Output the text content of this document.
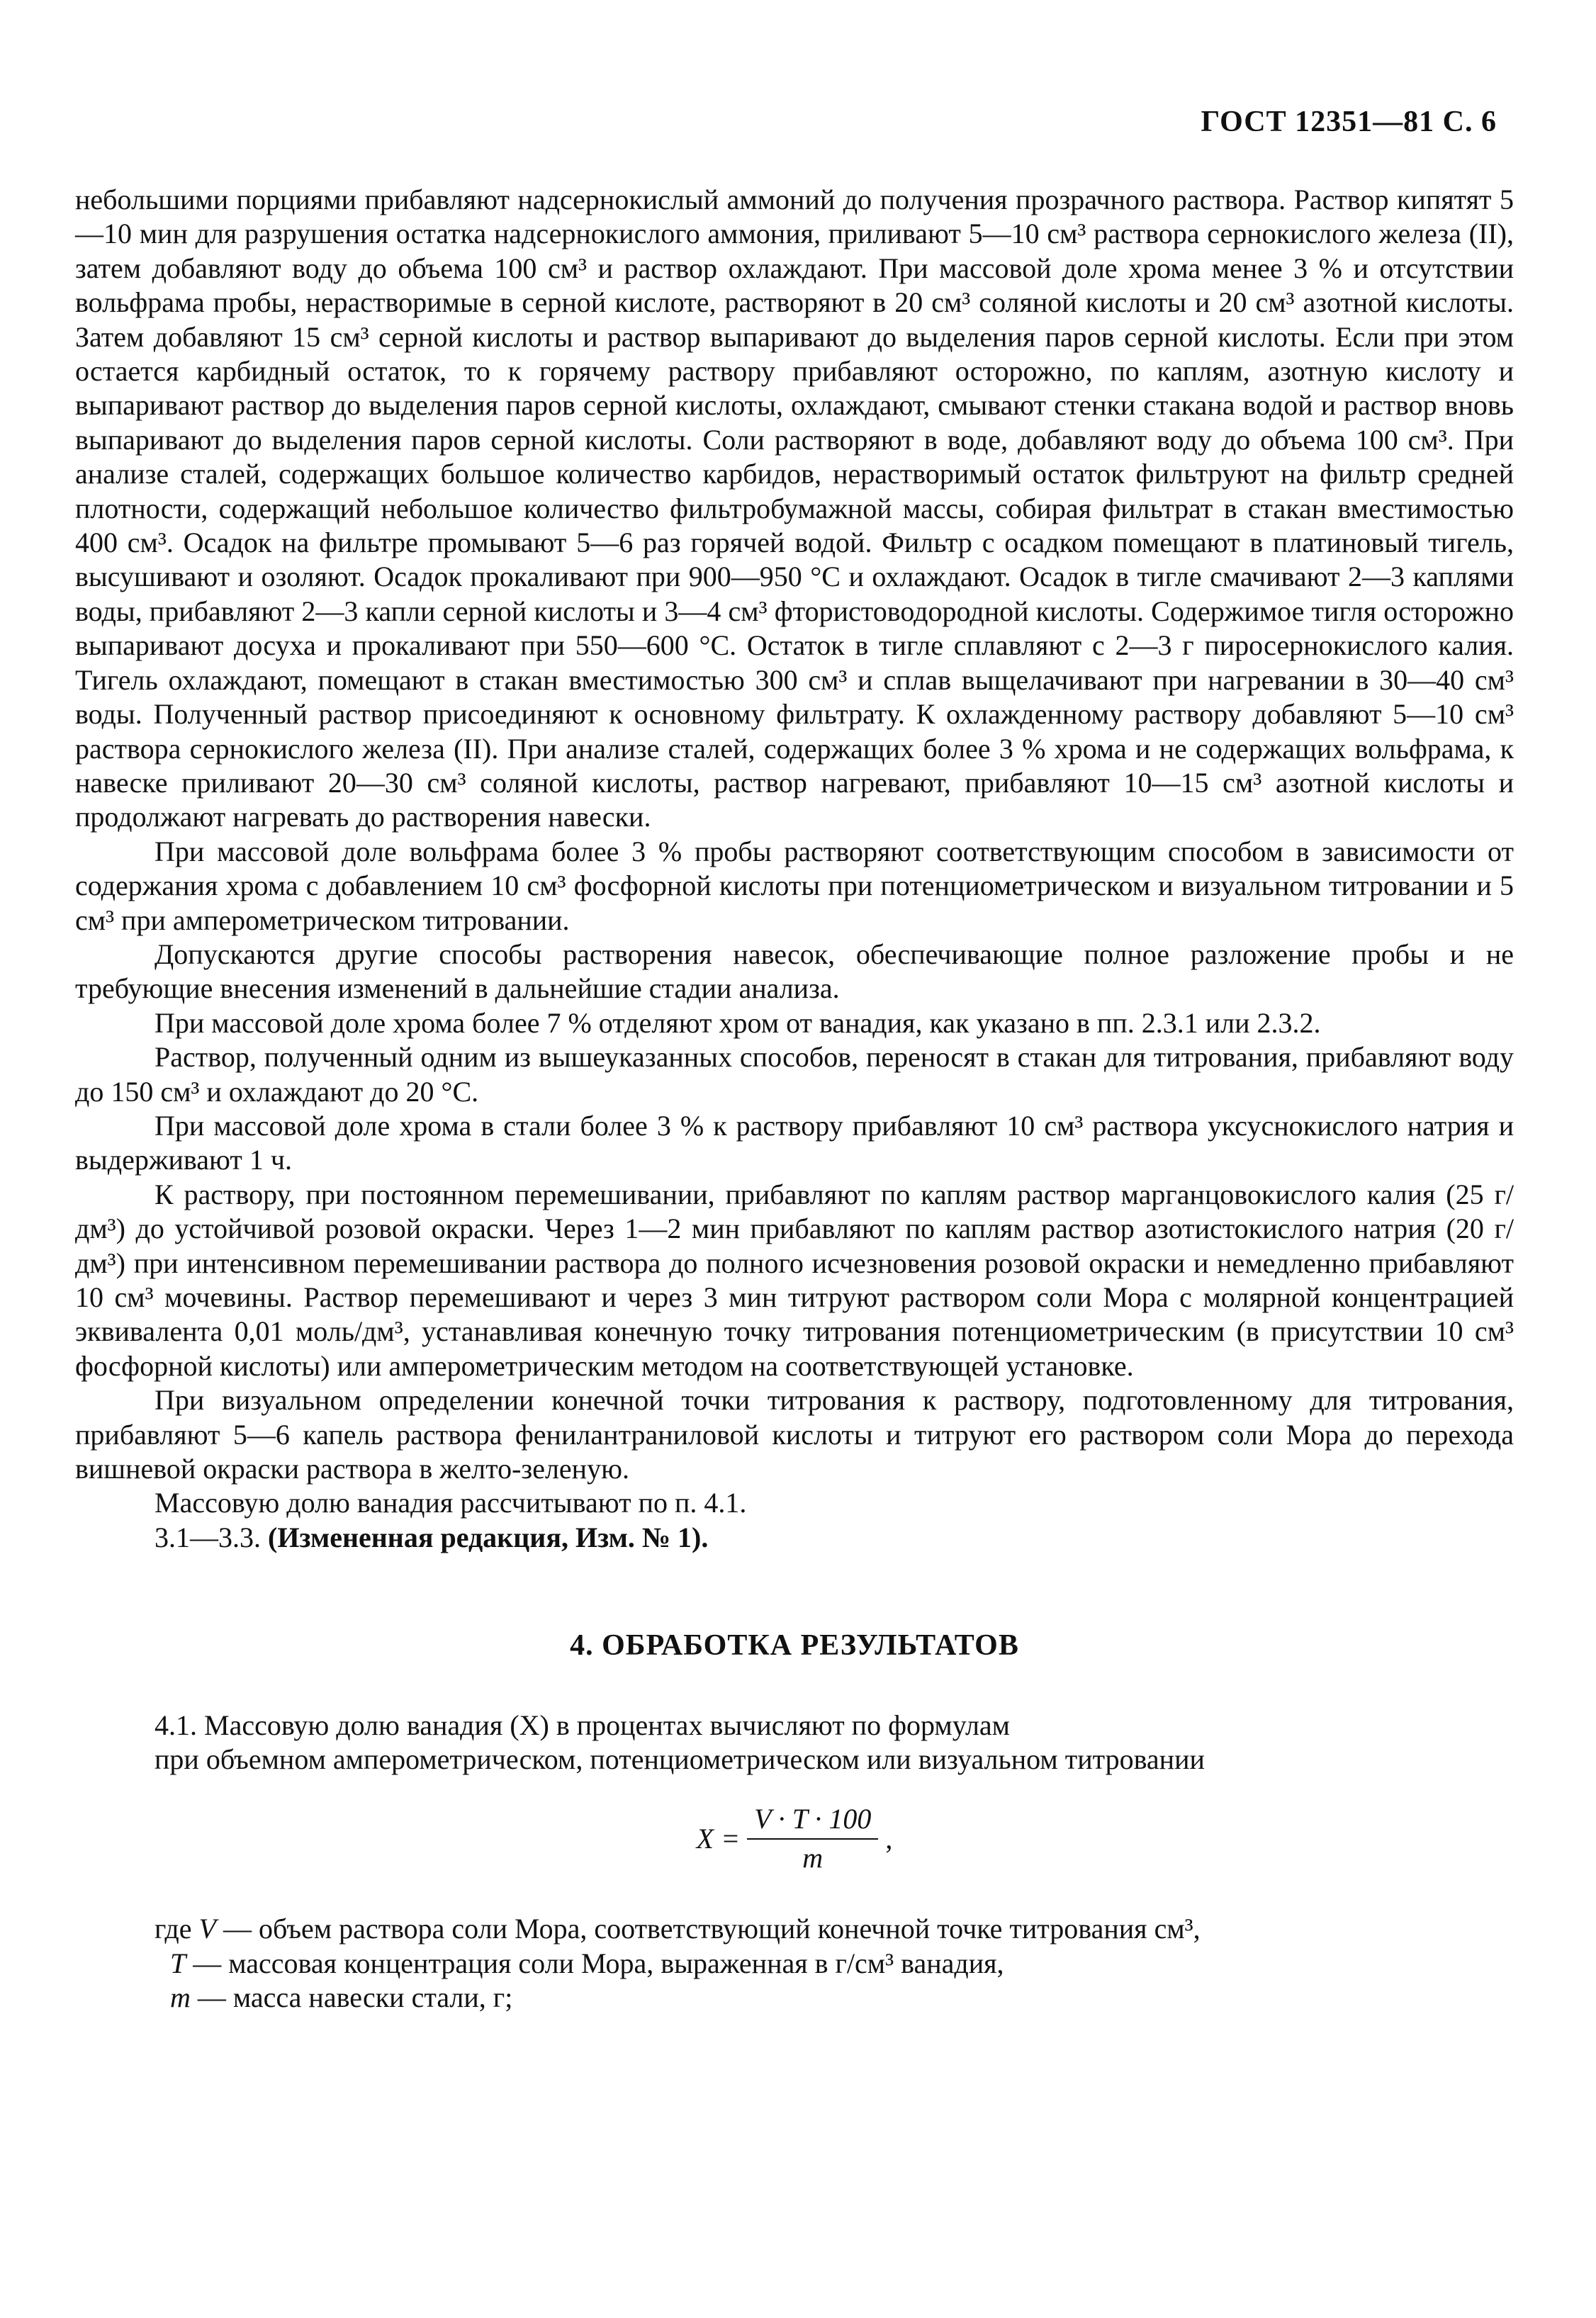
ГОСТ 12351—81 С. 6

небольшими порциями прибавляют надсернокислый аммоний до получения прозрачного раствора. Раствор кипятят 5—10 мин для разрушения остатка надсернокислого аммония, приливают 5—10 см³ раствора сернокислого железа (II), затем добавляют воду до объема 100 см³ и раствор охлаждают. При массовой доле хрома менее 3 % и отсутствии вольфрама пробы, нерастворимые в серной кислоте, растворяют в 20 см³ соляной кислоты и 20 см³ азотной кислоты. Затем добавляют 15 см³ серной кислоты и раствор выпаривают до выделения паров серной кислоты. Если при этом остается карбидный остаток, то к горячему раствору прибавляют осторожно, по каплям, азотную кислоту и выпаривают раствор до выделения паров серной кислоты, охлаждают, смывают стенки стакана водой и раствор вновь выпаривают до выделения паров серной кислоты. Соли растворяют в воде, добавляют воду до объема 100 см³. При анализе сталей, содержащих большое количество карбидов, нерастворимый остаток фильтруют на фильтр средней плотности, содержащий небольшое количество фильтробумажной массы, собирая фильтрат в стакан вместимостью 400 см³. Осадок на фильтре промывают 5—6 раз горячей водой. Фильтр с осадком помещают в платиновый тигель, высушивают и озоляют. Осадок прокаливают при 900—950 °С и охлаждают. Осадок в тигле смачивают 2—3 каплями воды, прибавляют 2—3 капли серной кислоты и 3—4 см³ фтористоводородной кислоты. Содержимое тигля осторожно выпаривают досуха и прокаливают при 550—600 °С. Остаток в тигле сплавляют с 2—3 г пиросернокислого калия. Тигель охлаждают, помещают в стакан вместимостью 300 см³ и сплав выщелачивают при нагревании в 30—40 см³ воды. Полученный раствор присоединяют к основному фильтрату. К охлажденному раствору добавляют 5—10 см³ раствора сернокислого железа (II). При анализе сталей, содержащих более 3 % хрома и не содержащих вольфрама, к навеске приливают 20—30 см³ соляной кислоты, раствор нагревают, прибавляют 10—15 см³ азотной кислоты и продолжают нагревать до растворения навески.

При массовой доле вольфрама более 3 % пробы растворяют соответствующим способом в зависимости от содержания хрома с добавлением 10 см³ фосфорной кислоты при потенциометрическом и визуальном титровании и 5 см³ при амперометрическом титровании.

Допускаются другие способы растворения навесок, обеспечивающие полное разложение пробы и не требующие внесения изменений в дальнейшие стадии анализа.

При массовой доле хрома более 7 % отделяют хром от ванадия, как указано в пп. 2.3.1 или 2.3.2.

Раствор, полученный одним из вышеуказанных способов, переносят в стакан для титрования, прибавляют воду до 150 см³ и охлаждают до 20 °С.

При массовой доле хрома в стали более 3 % к раствору прибавляют 10 см³ раствора уксуснокислого натрия и выдерживают 1 ч.

К раствору, при постоянном перемешивании, прибавляют по каплям раствор марганцовокислого калия (25 г/дм³) до устойчивой розовой окраски. Через 1—2 мин прибавляют по каплям раствор азотистокислого натрия (20 г/дм³) при интенсивном перемешивании раствора до полного исчезновения розовой окраски и немедленно прибавляют 10 см³ мочевины. Раствор перемешивают и через 3 мин титруют раствором соли Мора с молярной концентрацией эквивалента 0,01 моль/дм³, устанавливая конечную точку титрования потенциометрическим (в присутствии 10 см³ фосфорной кислоты) или амперометрическим методом на соответствующей установке.

При визуальном определении конечной точки титрования к раствору, подготовленному для титрования, прибавляют 5—6 капель раствора фенилантраниловой кислоты и титруют его раствором соли Мора до перехода вишневой окраски раствора в желто-зеленую.

Массовую долю ванадия рассчитывают по п. 4.1.

3.1—3.3. (Измененная редакция, Изм. № 1).

4. ОБРАБОТКА РЕЗУЛЬТАТОВ

4.1. Массовую долю ванадия (X) в процентах вычисляют по формулам

при объемном амперометрическом, потенциометрическом или визуальном титровании

$X = \frac{V \cdot T \cdot 100}{m}$ ,
где V — объем раствора соли Мора, соответствующий конечной точке титрования см³,
T — массовая концентрация соли Мора, выраженная в г/см³ ванадия,
m — масса навески стали, г;
